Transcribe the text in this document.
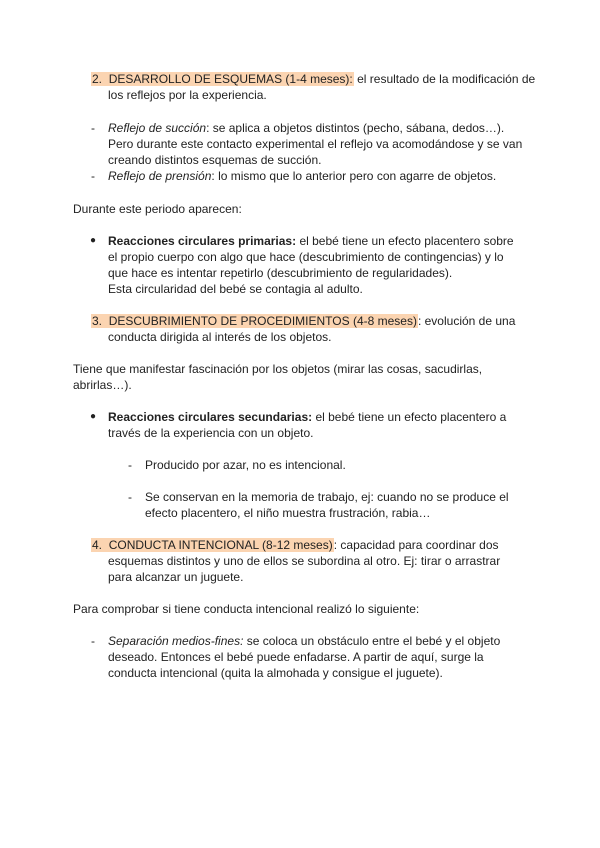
2. DESARROLLO DE ESQUEMAS (1-4 meses): el resultado de la modificación de
los reflejos por la experiencia.
- Reflejo de succión: se aplica a objetos distintos (pecho, sábana, dedos…).
Pero durante este contacto experimental el reflejo va acomodándose y se van
creando distintos esquemas de succión.
- Reflejo de prensión: lo mismo que lo anterior pero con agarre de objetos.
Durante este periodo aparecen:
● Reacciones circulares primarias: el bebé tiene un efecto placentero sobre
el propio cuerpo con algo que hace (descubrimiento de contingencias) y lo
que hace es intentar repetirlo (descubrimiento de regularidades).
Esta circularidad del bebé se contagia al adulto.
3. DESCUBRIMIENTO DE PROCEDIMIENTOS (4-8 meses): evolución de una
conducta dirigida al interés de los objetos.
Tiene que manifestar fascinación por los objetos (mirar las cosas, sacudirlas,
abrirlas…).
● Reacciones circulares secundarias: el bebé tiene un efecto placentero a
través de la experiencia con un objeto.
- Producido por azar, no es intencional.
- Se conservan en la memoria de trabajo, ej: cuando no se produce el
efecto placentero, el niño muestra frustración, rabia…
4. CONDUCTA INTENCIONAL (8-12 meses): capacidad para coordinar dos
esquemas distintos y uno de ellos se subordina al otro. Ej: tirar o arrastrar
para alcanzar un juguete.
Para comprobar si tiene conducta intencional realizó lo siguiente:
- Separación medios-fines: se coloca un obstáculo entre el bebé y el objeto
deseado. Entonces el bebé puede enfadarse. A partir de aquí, surge la
conducta intencional (quita la almohada y consigue el juguete).
